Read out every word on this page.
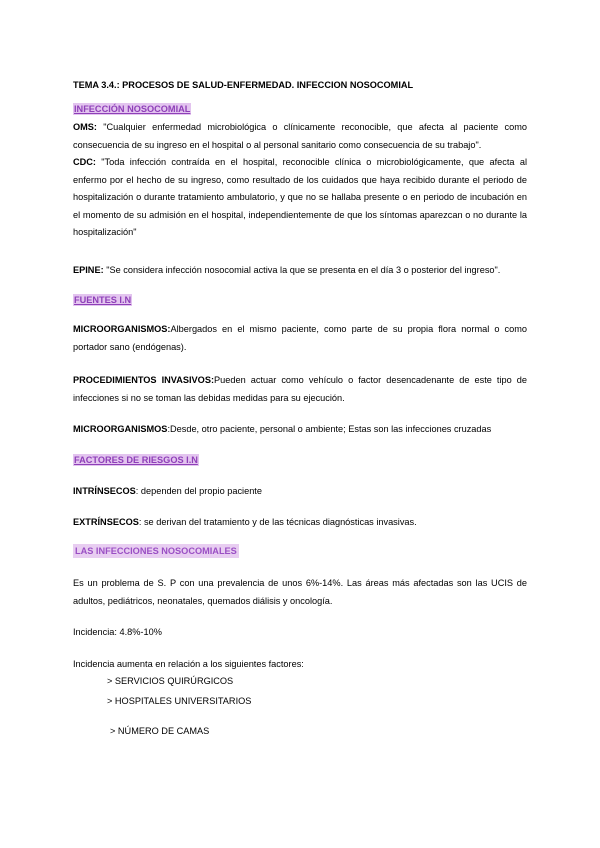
TEMA 3.4.: PROCESOS DE SALUD-ENFERMEDAD. INFECCION NOSOCOMIAL
INFECCIÓN NOSOCOMIAL
OMS: "Cualquier enfermedad microbiológica o clínicamente reconocible, que afecta al paciente como consecuencia de su ingreso en el hospital o al personal sanitario como consecuencia de su trabajo".
CDC: "Toda infección contraída en el hospital, reconocible clínica o microbiológicamente, que afecta al enfermo por el hecho de su ingreso, como resultado de los cuidados que haya recibido durante el periodo de hospitalización o durante tratamiento ambulatorio, y que no se hallaba presente o en periodo de incubación en el momento de su admisión en el hospital, independientemente de que los síntomas aparezcan o no durante la hospitalización"
EPINE: "Se considera infección nosocomial activa la que se presenta en el día 3 o posterior del ingreso".
FUENTES I.N
MICROORGANISMOS:Albergados en el mismo paciente, como parte de su propia flora normal o como portador sano (endógenas).
PROCEDIMIENTOS INVASIVOS:Pueden actuar como vehículo o factor desencadenante de este tipo de infecciones si no se toman las debidas medidas para su ejecución.
MICROORGANISMOS:Desde, otro paciente, personal o ambiente; Estas son las infecciones cruzadas
FACTORES DE RIESGOS I.N
INTRÍNSECOS: dependen del propio paciente
EXTRÍNSECOS: se derivan del tratamiento y de las técnicas diagnósticas invasivas.
LAS INFECCIONES NOSOCOMIALES
Es un problema de S. P con una prevalencia de unos 6%-14%. Las áreas más afectadas son las UCIS de adultos, pediátricos, neonatales, quemados diálisis y oncología.
Incidencia: 4.8%-10%
Incidencia aumenta en relación a los siguientes factores:
> SERVICIOS QUIRÚRGICOS
> HOSPITALES UNIVERSITARIOS
> NÚMERO DE CAMAS
